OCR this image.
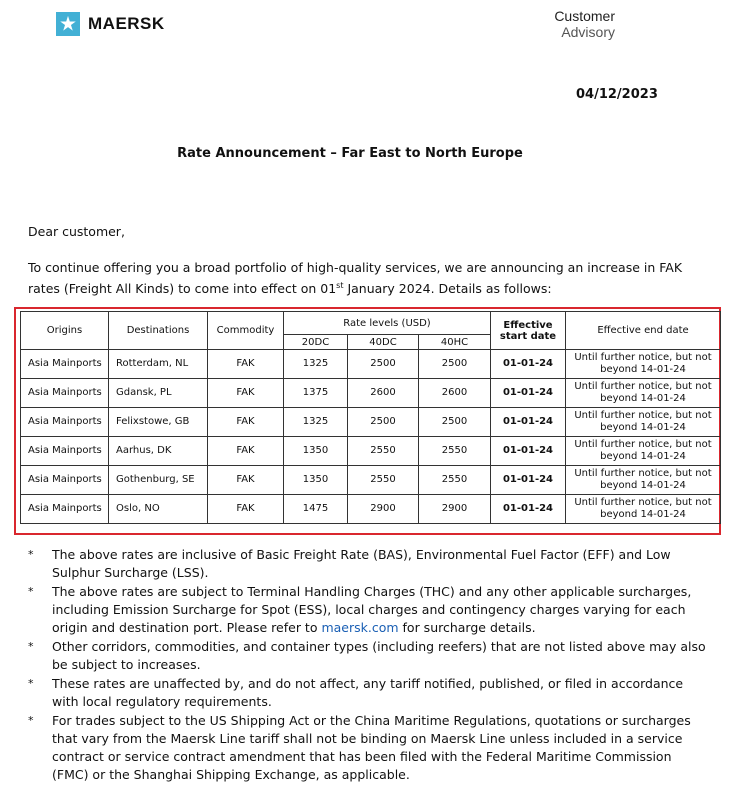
MAERSK	Customer
Advisory
04/12/2023
Rate Announcement – Far East to North Europe
Dear customer,
To continue offering you a broad portfolio of high-quality services, we are announcing an increase in FAK rates (Freight All Kinds) to come into effect on 01st January 2024. Details as follows:
Origins	Destinations	Commodity	Rate levels (USD)			Effective start date	Effective end date
			20DC	40DC	40HC		
Asia Mainports	Rotterdam, NL	FAK	1325	2500	2500	01-01-24	Until further notice, but not beyond 14-01-24
Asia Mainports	Gdansk, PL	FAK	1375	2600	2600	01-01-24	Until further notice, but not beyond 14-01-24
Asia Mainports	Felixstowe, GB	FAK	1325	2500	2500	01-01-24	Until further notice, but not beyond 14-01-24
Asia Mainports	Aarhus, DK	FAK	1350	2550	2550	01-01-24	Until further notice, but not beyond 14-01-24
Asia Mainports	Gothenburg, SE	FAK	1350	2550	2550	01-01-24	Until further notice, but not beyond 14-01-24
Asia Mainports	Oslo, NO	FAK	1475	2900	2900	01-01-24	Until further notice, but not beyond 14-01-24
* The above rates are inclusive of Basic Freight Rate (BAS), Environmental Fuel Factor (EFF) and Low Sulphur Surcharge (LSS).
* The above rates are subject to Terminal Handling Charges (THC) and any other applicable surcharges, including Emission Surcharge for Spot (ESS), local charges and contingency charges varying for each origin and destination port. Please refer to maersk.com for surcharge details.
* Other corridors, commodities, and container types (including reefers) that are not listed above may also be subject to increases.
* These rates are unaffected by, and do not affect, any tariff notified, published, or filed in accordance with local regulatory requirements.
* For trades subject to the US Shipping Act or the China Maritime Regulations, quotations or surcharges that vary from the Maersk Line tariff shall not be binding on Maersk Line unless included in a service contract or service contract amendment that has been filed with the Federal Maritime Commission (FMC) or the Shanghai Shipping Exchange, as applicable.
